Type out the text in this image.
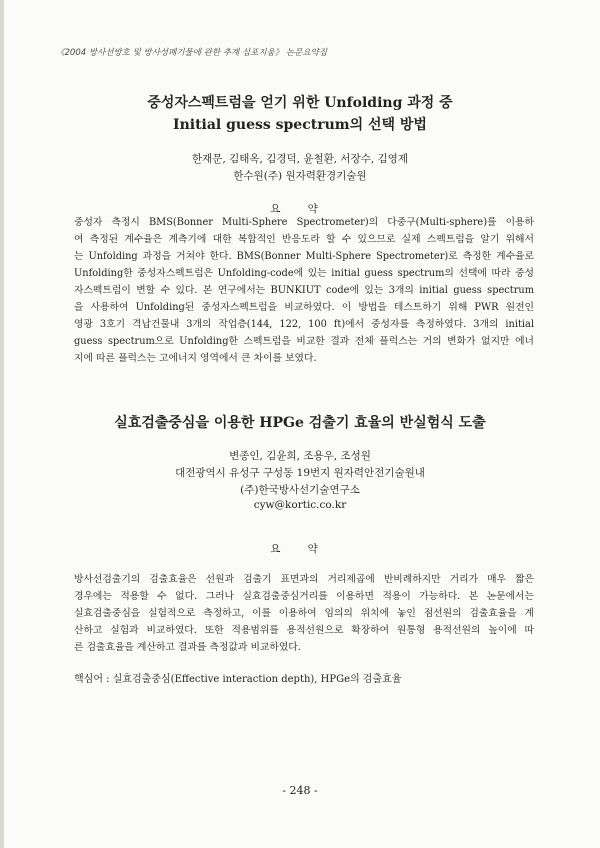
《2004 방사선방호 및 방사성폐기물에 관한 추계 심포지움》 논문요약집
중성자스펙트럼을 얻기 위한 Unfolding 과정 중
Initial guess spectrum의 선택 방법
한재문, 김태옥, 김경덕, 윤철환, 서장수, 김영제
한수원(주) 원자력환경기술원
요 약
중성자 측정시 BMS(Bonner Multi-Sphere Spectrometer)의 다중구(Multi-sphere)를 이용하
여 측정된 계수율은 계측기에 대한 복합적인 반응도라 할 수 있으므로 실제 스펙트럼을 알기 위해서
는 Unfolding 과정을 거쳐야 한다. BMS(Bonner Multi-Sphere Spectrometer)로 측정한 계수율로
Unfolding한 중성자스펙트럼은 Unfolding-code에 있는 initial guess spectrum의 선택에 따라 중성
자스펙트럼이 변할 수 있다. 본 연구에서는 BUNKIUT code에 있는 3개의 initial guess spectrum
을 사용하여 Unfolding된 중성자스펙트럼을 비교하였다. 이 방법을 테스트하기 위해 PWR 원전인
영광 3호기 격납건물내 3개의 작업층(144, 122, 100 ft)에서 중성자를 측정하였다. 3개의 initial
guess spectrum으로 Unfolding한 스펙트럼을 비교한 결과 전체 플럭스는 거의 변화가 없지만 에너
지에 따른 플럭스는 고에너지 영역에서 큰 차이를 보였다.
실효검출중심을 이용한 HPGe 검출기 효율의 반실험식 도출
변종인, 김윤희, 조용우, 조성원
대전광역시 유성구 구성동 19번지 원자력안전기술원내
(주)한국방사선기술연구소
cyw@kortic.co.kr
요 약
방사선검출기의 검출효율은 선원과 검출기 표면과의 거리제곱에 반비례하지만 거리가 매우 짧은
경우에는 적용할 수 없다. 그러나 실효검출중심거리를 이용하면 적용이 가능하다. 본 논문에서는
실효검출중심을 실험적으로 측정하고, 이를 이용하여 임의의 위치에 놓인 점선원의 검출효율을 계
산하고 실험과 비교하였다. 또한 적용범위를 용적선원으로 확장하여 원통형 용적선원의 높이에 따
른 검출효율을 계산하고 결과를 측정값과 비교하였다.
핵심어 : 실효검출중심(Effective interaction depth), HPGe의 검출효율
- 248 -
